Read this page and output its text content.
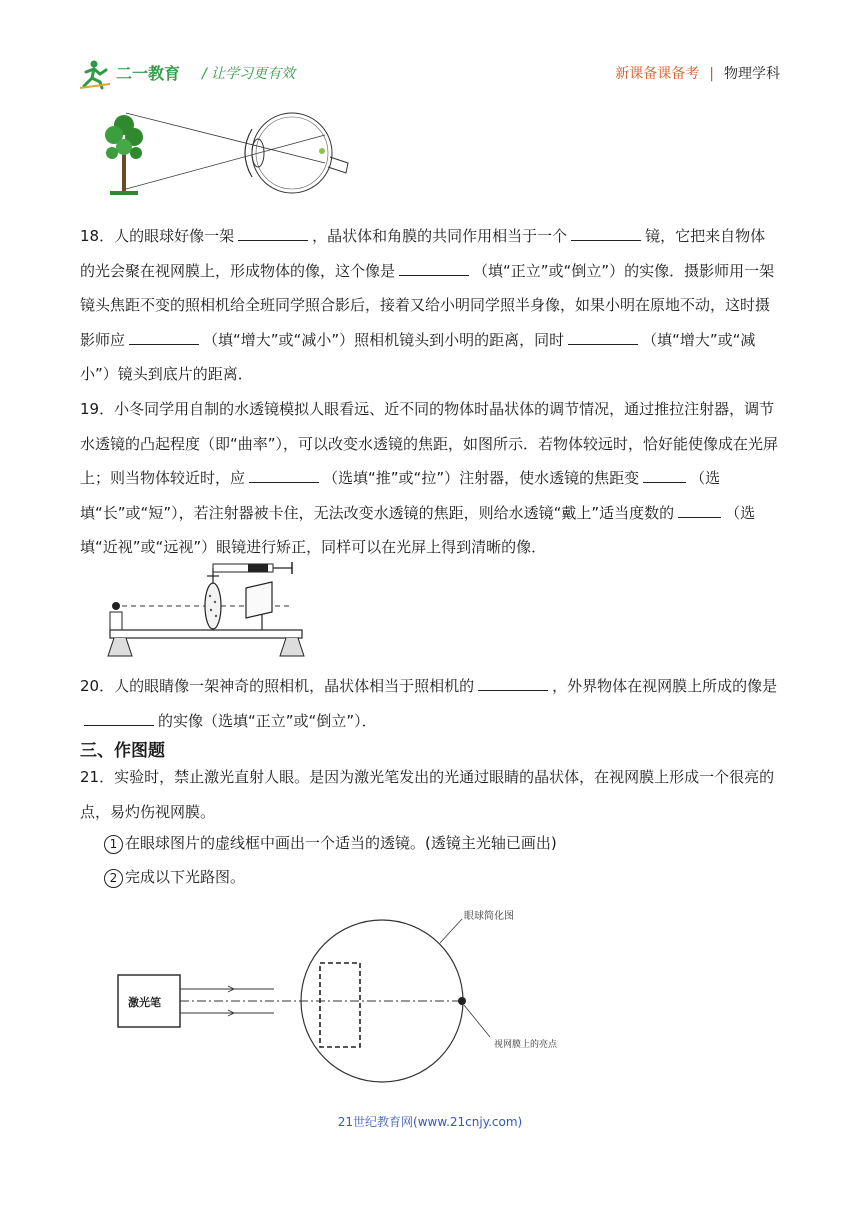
二一教育 / 让学习更有效	新课备课备考 | 物理学科
18．人的眼球好像一架	，晶状体和角膜的共同作用相当于一个	镜，它把来自物体的光会聚在视网膜上，形成物体的像，这个像是	（填“正立”或“倒立”）的实像．摄影师用一架镜头焦距不变的照相机给全班同学照合影后，接着又给小明同学照半身像，如果小明在原地不动，这时摄影师应	（填“增大”或“减小”）照相机镜头到小明的距离，同时	（填“增大”或“减小”）镜头到底片的距离．
19．小冬同学用自制的水透镜模拟人眼看远、近不同的物体时晶状体的调节情况，通过推拉注射器，调节水透镜的凸起程度（即“曲率”），可以改变水透镜的焦距，如图所示．若物体较远时，恰好能使像成在光屏上；则当物体较近时，应	（选填“推”或“拉”）注射器，使水透镜的焦距变	（选填“长”或“短”），若注射器被卡住，无法改变水透镜的焦距，则给水透镜“戴上”适当度数的	（选填“近视”或“远视”）眼镜进行矫正，同样可以在光屏上得到清晰的像．
20．人的眼睛像一架神奇的照相机，晶状体相当于照相机的	，外界物体在视网膜上所成的像是的实像（选填“正立”或“倒立”）．
三、作图题
21．实验时，禁止激光直射人眼。是因为激光笔发出的光通过眼睛的晶状体，在视网膜上形成一个很亮的点，易灼伤视网膜。
1 在眼球图片的虚线框中画出一个适当的透镜。(透镜主光轴已画出)
2 完成以下光路图。
激光笔
眼球简化图
视网膜上的亮点
21世纪教育网(www.21cnjy.com)
